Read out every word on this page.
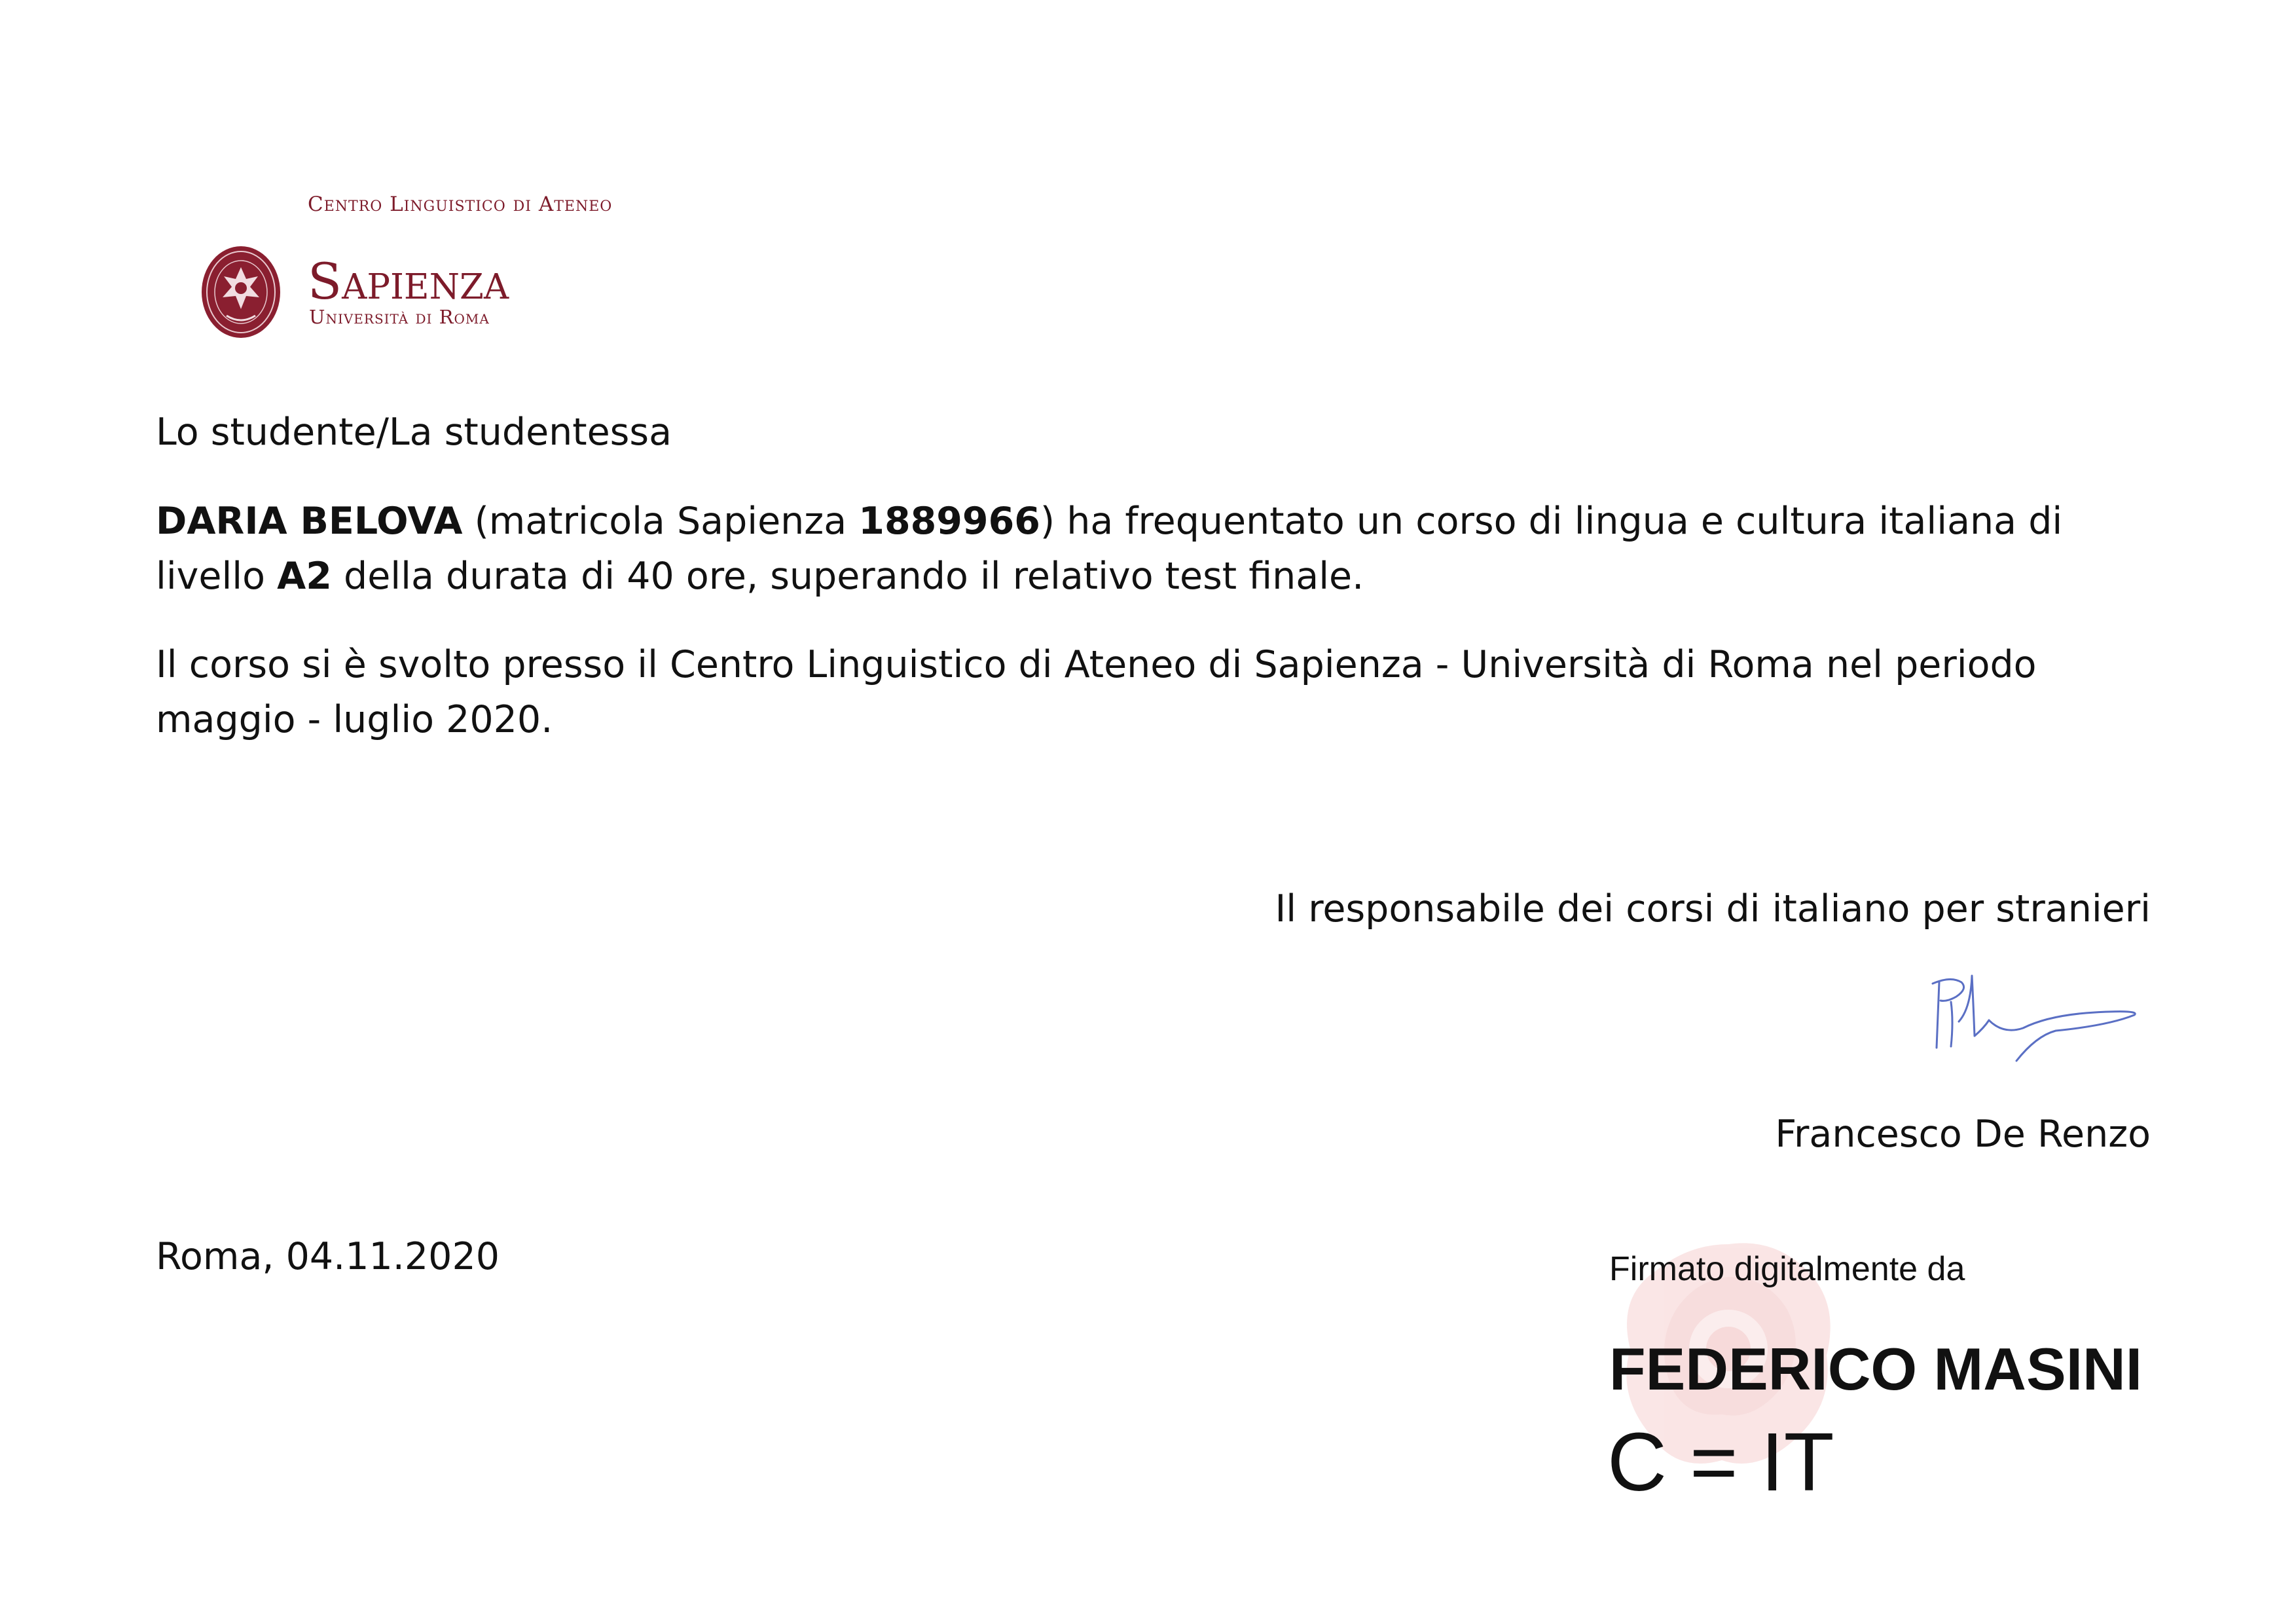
Centro Linguistico di Ateneo
Sapienza
Università di Roma
Lo studente/La studentessa
DARIA BELOVA (matricola Sapienza 1889966) ha frequentato un corso di lingua e cultura italiana di
livello A2 della durata di 40 ore, superando il relativo test finale.
Il corso si è svolto presso il Centro Linguistico di Ateneo di Sapienza - Università di Roma nel periodo
maggio - luglio 2020.
Il responsabile dei corsi di italiano per stranieri
Francesco De Renzo
Roma, 04.11.2020	Firmato digitalmente da
FEDERICO MASINI
C = IT
